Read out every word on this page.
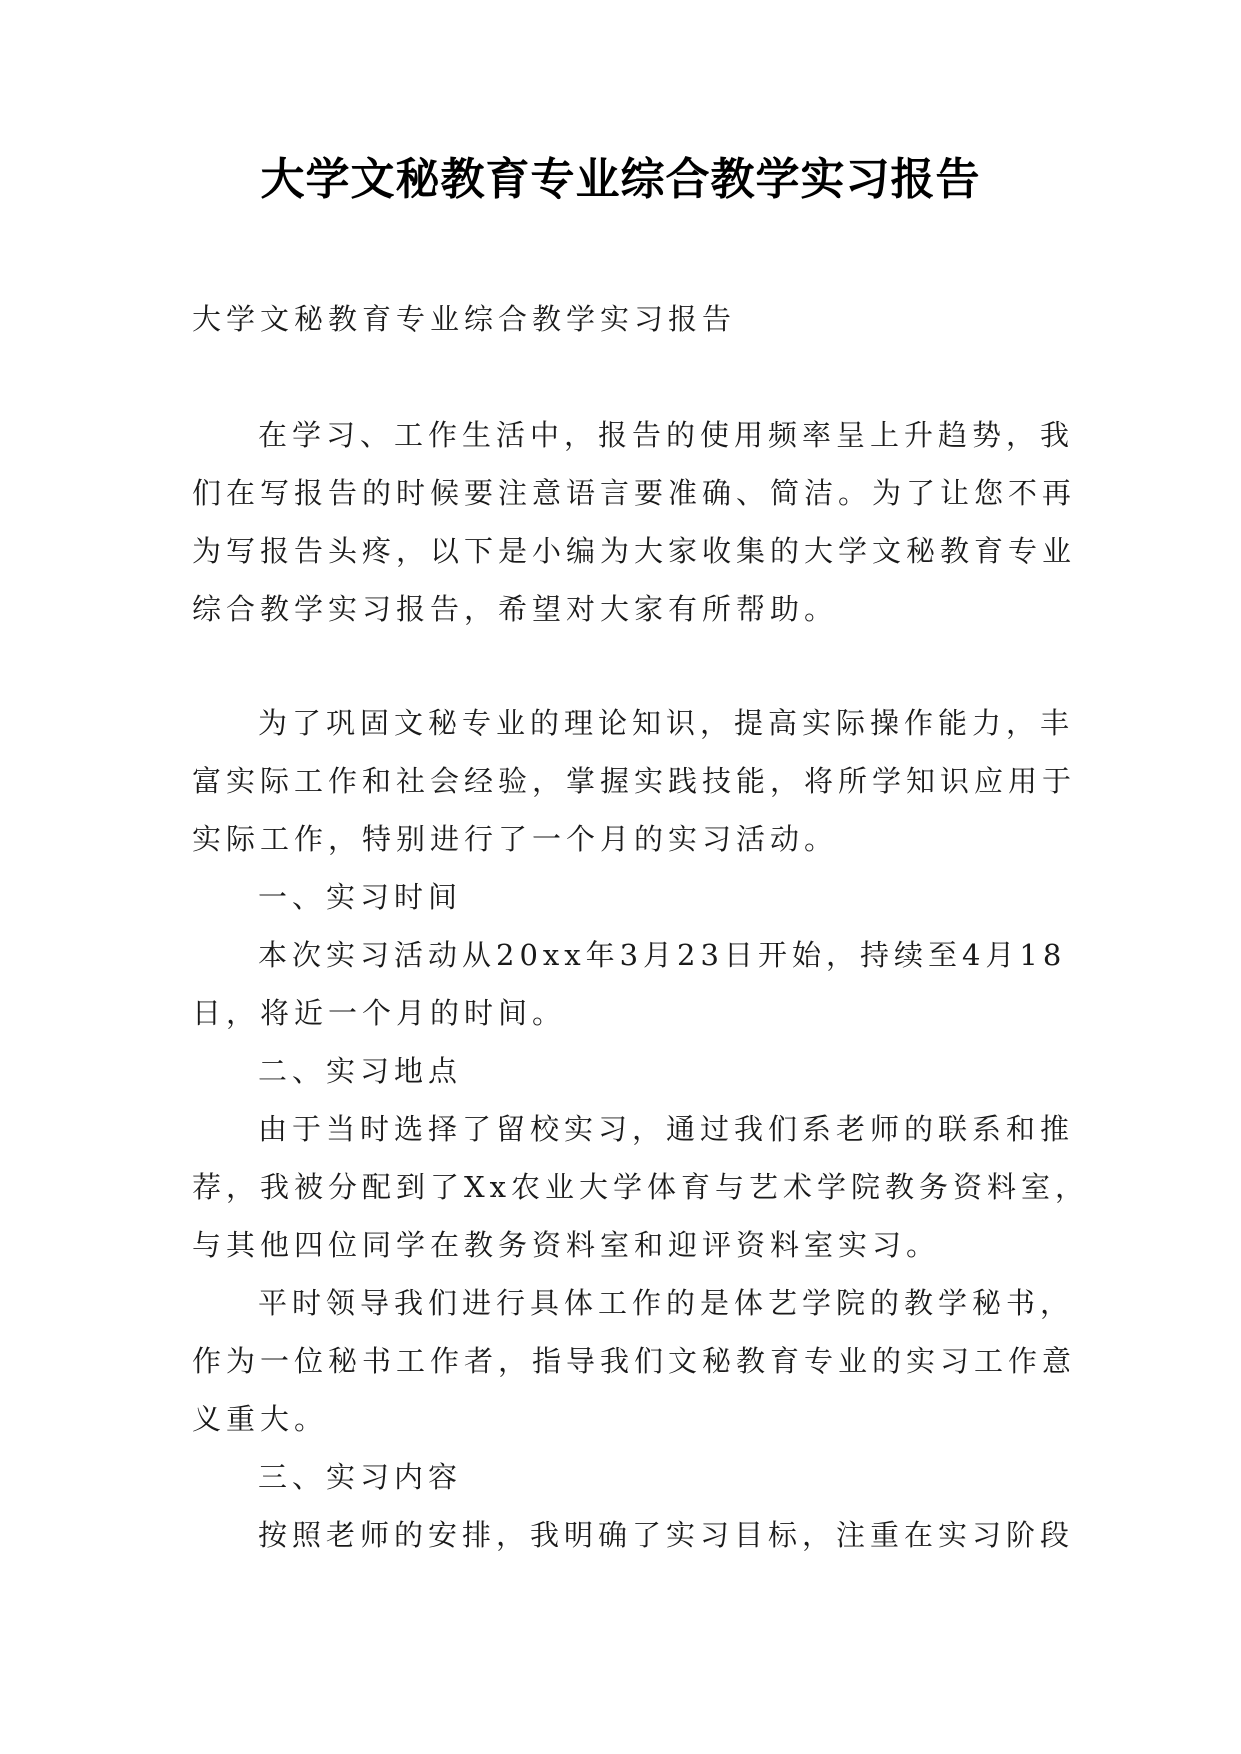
大学文秘教育专业综合教学实习报告
大学文秘教育专业综合教学实习报告
在学习、工作生活中，报告的使用频率呈上升趋势，我
们在写报告的时候要注意语言要准确、简洁。为了让您不再
为写报告头疼，以下是小编为大家收集的大学文秘教育专业
综合教学实习报告，希望对大家有所帮助。
为了巩固文秘专业的理论知识，提高实际操作能力，丰
富实际工作和社会经验，掌握实践技能，将所学知识应用于
实际工作，特别进行了一个月的实习活动。
一、实习时间
本次实习活动从20xx年3月23日开始，持续至4月18
日，将近一个月的时间。
二、实习地点
由于当时选择了留校实习，通过我们系老师的联系和推
荐，我被分配到了Xx农业大学体育与艺术学院教务资料室，
与其他四位同学在教务资料室和迎评资料室实习。
平时领导我们进行具体工作的是体艺学院的教学秘书，
作为一位秘书工作者，指导我们文秘教育专业的实习工作意
义重大。
三、实习内容
按照老师的安排，我明确了实习目标，注重在实习阶段
